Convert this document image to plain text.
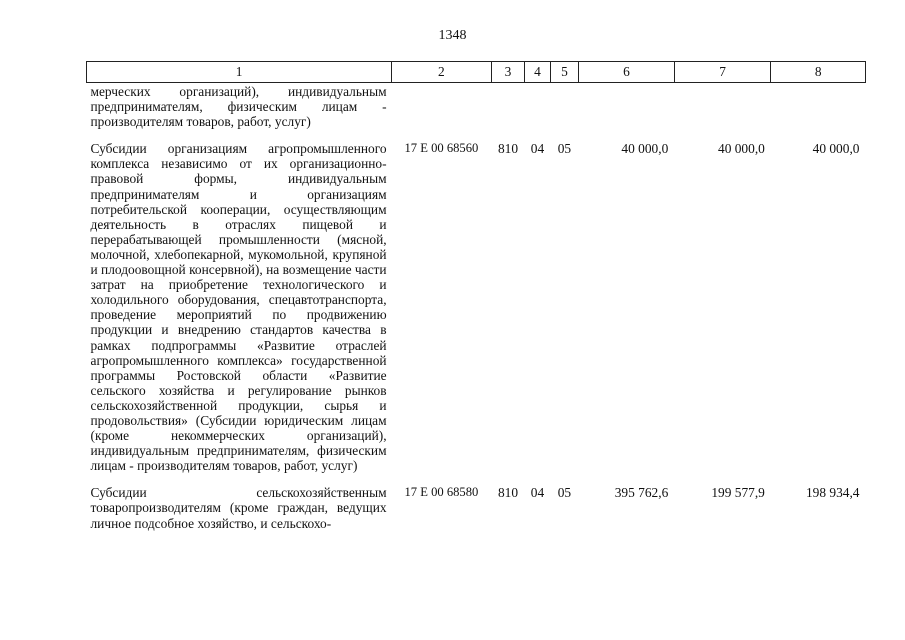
1348
1	2	3	4	5	6	7	8
мерческих организаций), индивидуальным предпринимателям, физическим лицам - производителям товаров, работ, услуг)							
Субсидии организациям агропромышленного комплекса независимо от их организационно-правовой формы, индивидуальным предпринимателям и организациям потребительской кооперации, осуществляющим деятельность в отраслях пищевой и перерабатывающей промышленности (мясной, молочной, хлебопекарной, мукомольной, крупяной и плодоовощной консервной), на возмещение части затрат на приобретение технологического и холодильного оборудования, спецавтотранспорта, проведение мероприятий по продвижению продукции и внедрению стандартов качества в рамках подпрограммы «Развитие отраслей агропромышленного комплекса» государственной программы Ростовской области «Развитие сельского хозяйства и регулирование рынков сельскохозяйственной продукции, сырья и продовольствия» (Субсидии юридическим лицам (кроме некоммерческих организаций), индивидуальным предпринимателям, физическим лицам - производителям товаров, работ, услуг)	17 Е 00 68560	810	04	05	40 000,0	40 000,0	40 000,0
Субсидии сельскохозяйственным товаропроизводителям (кроме граждан, ведущих личное подсобное хозяйство, и сельскохо-	17 Е 00 68580	810	04	05	395 762,6	199 577,9	198 934,4
